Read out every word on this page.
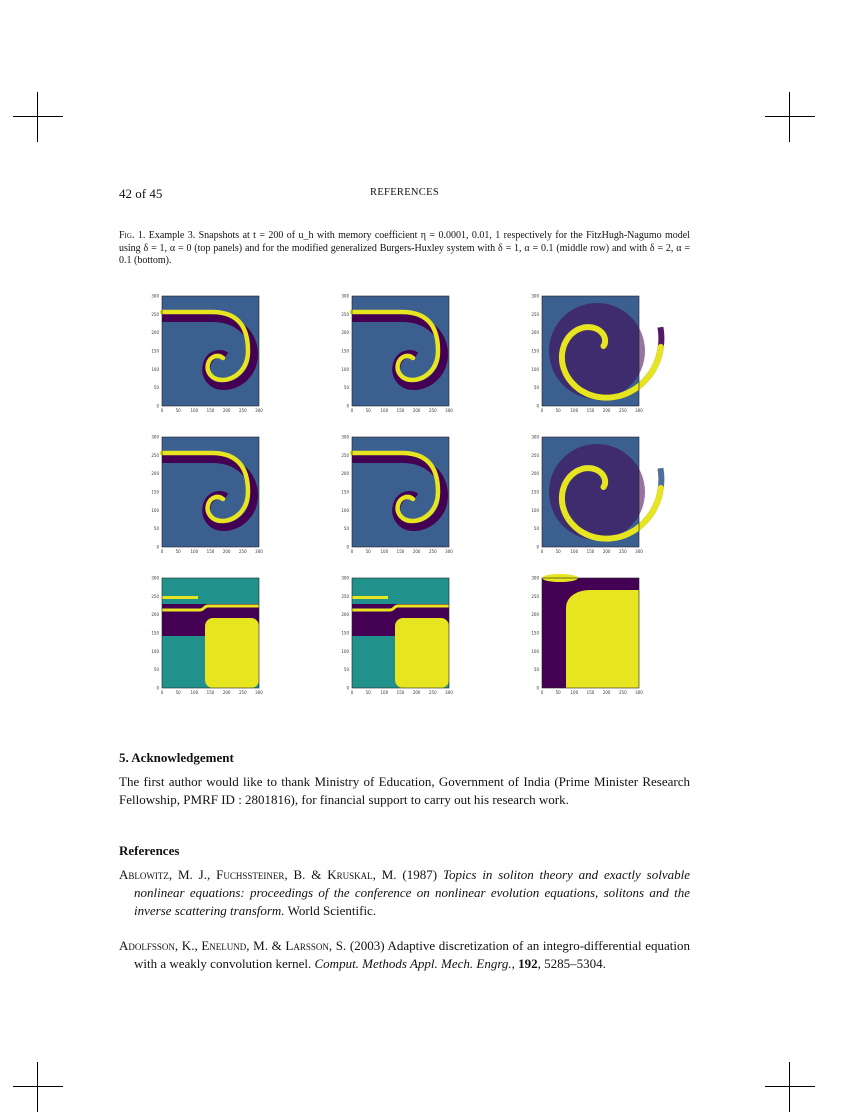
42 of 45	REFERENCES
Fig. 1. Example 3. Snapshots at t = 200 of u_h with memory coefficient η = 0.0001, 0.01, 1 respectively for the FitzHugh-Nagumo model using δ = 1, α = 0 (top panels) and for the modified generalized Burgers-Huxley system with δ = 1, α = 0.1 (middle row) and with δ = 2, α = 0.1 (bottom).
300
250
200
150
100
50
0
0	50 100 150 200 250 300
300
250
200
150
100
50
0
0	50 100 150 200 250 300
300
250
200
150
100
50
0
0	50 100 150 200 250 300
300
250
200
150
100
50
0
0	50 100 150 200 250 300
300
250
200
150
100
50
0
0	50 100 150 200 250 300
300
250
200
150
100
50
0
0	50 100 150 200 250 300
300
250
200
150
100
50
0
0	50 100 150 200 250 300
300
250
200
150
100
50
0
0	50 100 150 200 250 300
300
250
200
150
100
50
0
0	50 100 150 200 250 300
5. Acknowledgement
The first author would like to thank Ministry of Education, Government of India (Prime Minister Research Fellowship, PMRF ID : 2801816), for financial support to carry out his research work.
References
Ablowitz, M. J., Fuchssteiner, B. & Kruskal, M. (1987) Topics in soliton theory and exactly solvable nonlinear equations: proceedings of the conference on nonlinear evolution equations, solitons and the inverse scattering transform. World Scientific.
Adolfsson, K., Enelund, M. & Larsson, S. (2003) Adaptive discretization of an integro-differential equation with a weakly convolution kernel. Comput. Methods Appl. Mech. Engrg., 192, 5285–5304.
